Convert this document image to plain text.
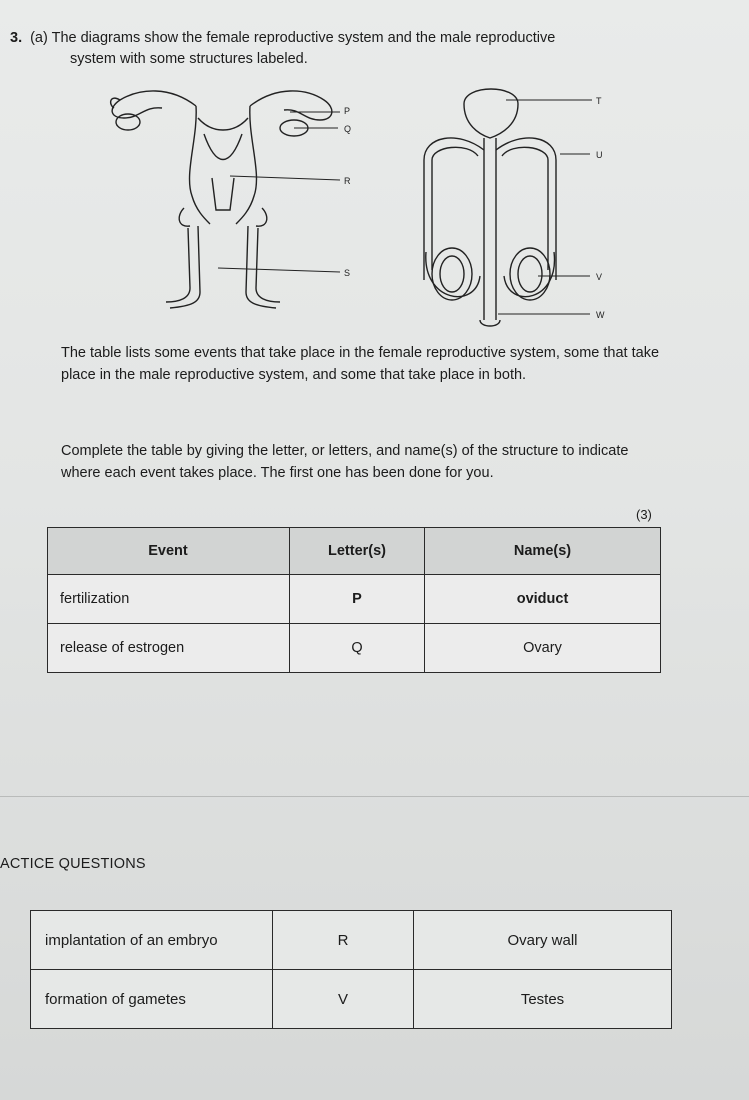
3. (a) The diagrams show the female reproductive system and the male reproductive
system with some structures labeled.
P
Q
R
S
T
U
V
W
The table lists some events that take place in the female reproductive system, some that take place in the male reproductive system, and some that take place in both.
Complete the table by giving the letter, or letters, and name(s) of the structure to indicate where each event takes place. The first one has been done for you.
(3)
Event	Letter(s)	Name(s)
fertilization	P	oviduct
release of estrogen	Q	Ovary
ACTICE QUESTIONS
implantation of an embryo	R	Ovary wall
formation of gametes	V	Testes
